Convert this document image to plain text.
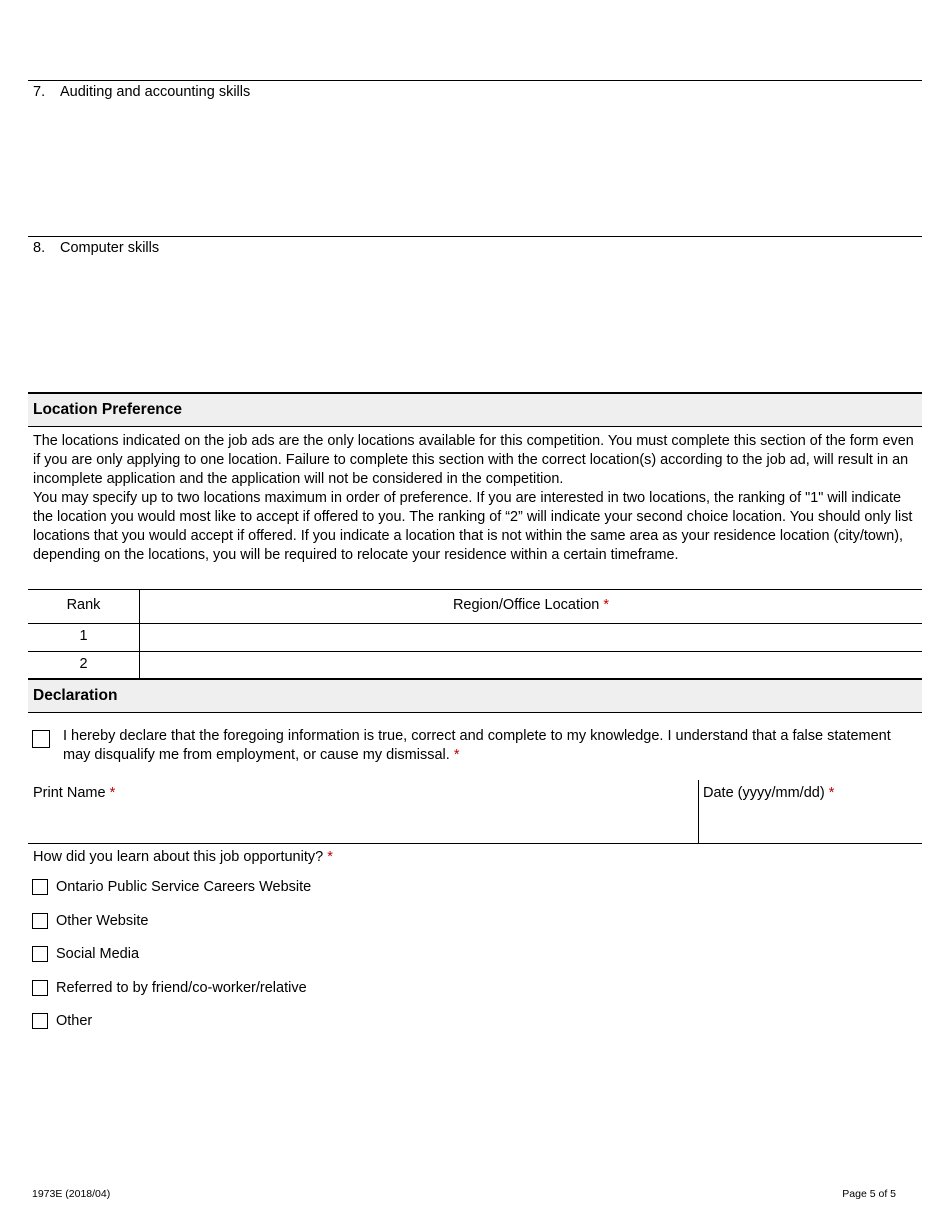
7. Auditing and accounting skills
8. Computer skills
Location Preference
The locations indicated on the job ads are the only locations available for this competition. You must complete this section of the form even if you are only applying to one location. Failure to complete this section with the correct location(s) according to the job ad, will result in an incomplete application and the application will not be considered in the competition.
You may specify up to two locations maximum in order of preference. If you are interested in two locations, the ranking of "1" will indicate the location you would most like to accept if offered to you. The ranking of “2” will indicate your second choice location. You should only list locations that you would accept if offered. If you indicate a location that is not within the same area as your residence location (city/town), depending on the locations, you will be required to relocate your residence within a certain timeframe.
Rank	Region/Office Location *
1
2
Declaration
I hereby declare that the foregoing information is true, correct and complete to my knowledge. I understand that a false statement may disqualify me from employment, or cause my dismissal. *
Print Name *	Date (yyyy/mm/dd) *
How did you learn about this job opportunity? *
Ontario Public Service Careers Website
Other Website
Social Media
Referred to by friend/co-worker/relative
Other
1973E (2018/04)	Page 5 of 5
